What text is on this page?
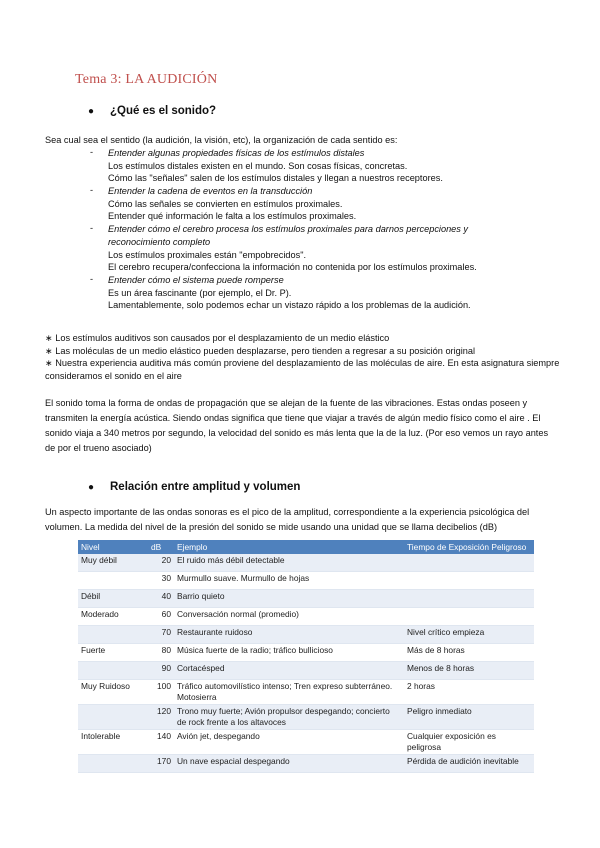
Tema 3: LA AUDICIÓN
●	¿Qué es el sonido?
Sea cual sea el sentido (la audición, la visión, etc), la organización de cada sentido es:
-	Entender algunas propiedades físicas de los estímulos distales
Los estímulos distales existen en el mundo. Son cosas físicas, concretas.
Cómo las "señales" salen de los estímulos distales y llegan a nuestros receptores.
-	Entender la cadena de eventos en la transducción
Cómo las señales se convierten en estímulos proximales.
Entender qué información le falta a los estímulos proximales.
-	Entender cómo el cerebro procesa los estímulos proximales para darnos percepciones y reconocimiento completo
Los estímulos proximales están "empobrecidos".
El cerebro recupera/confecciona la información no contenida por los estímulos proximales.
-	Entender cómo el sistema puede romperse
Es un área fascinante (por ejemplo, el Dr. P).
Lamentablemente, solo podemos echar un vistazo rápido a los problemas de la audición.
∗ Los estímulos auditivos son causados por el desplazamiento de un medio elástico
∗ Las moléculas de un medio elástico pueden desplazarse, pero tienden a regresar a su posición original
∗ Nuestra experiencia auditiva más común proviene del desplazamiento de las moléculas de aire. En esta asignatura siempre consideramos el sonido en el aire
El sonido toma la forma de ondas de propagación que se alejan de la fuente de las vibraciones. Estas ondas poseen y transmiten la energía acústica. Siendo ondas significa que tiene que viajar a través de algún medio físico como el aire . El sonido viaja a 340 metros por segundo, la velocidad del sonido es más lenta que la de la luz. (Por eso vemos un rayo antes de por el trueno asociado)
●	Relación entre amplitud y volumen
Un aspecto importante de las ondas sonoras es el pico de la amplitud, correspondiente a la experiencia psicológica del volumen. La medida del nivel de la presión del sonido se mide usando una unidad que se llama decibelios (dB)
Nivel	dB	Ejemplo	Tiempo de Exposición Peligroso
Muy débil	20	El ruido más débil detectable	
	30	Murmullo suave. Murmullo de hojas	
Débil	40	Barrio quieto	
Moderado	60	Conversación normal (promedio)	
	70	Restaurante ruidoso	Nivel crítico empieza
Fuerte	80	Música fuerte de la radio; tráfico bullicioso	Más de 8 horas
	90	Cortacésped	Menos de 8 horas
Muy Ruidoso	100	Tráfico automovilístico intenso; Tren expreso subterráneo. Motosierra	2 horas
	120	Trono muy fuerte; Avión propulsor despegando; concierto de rock frente a los altavoces	Peligro inmediato
Intolerable	140	Avión jet, despegando	Cualquier exposición es peligrosa
	170	Un nave espacial despegando	Pérdida de audición inevitable
